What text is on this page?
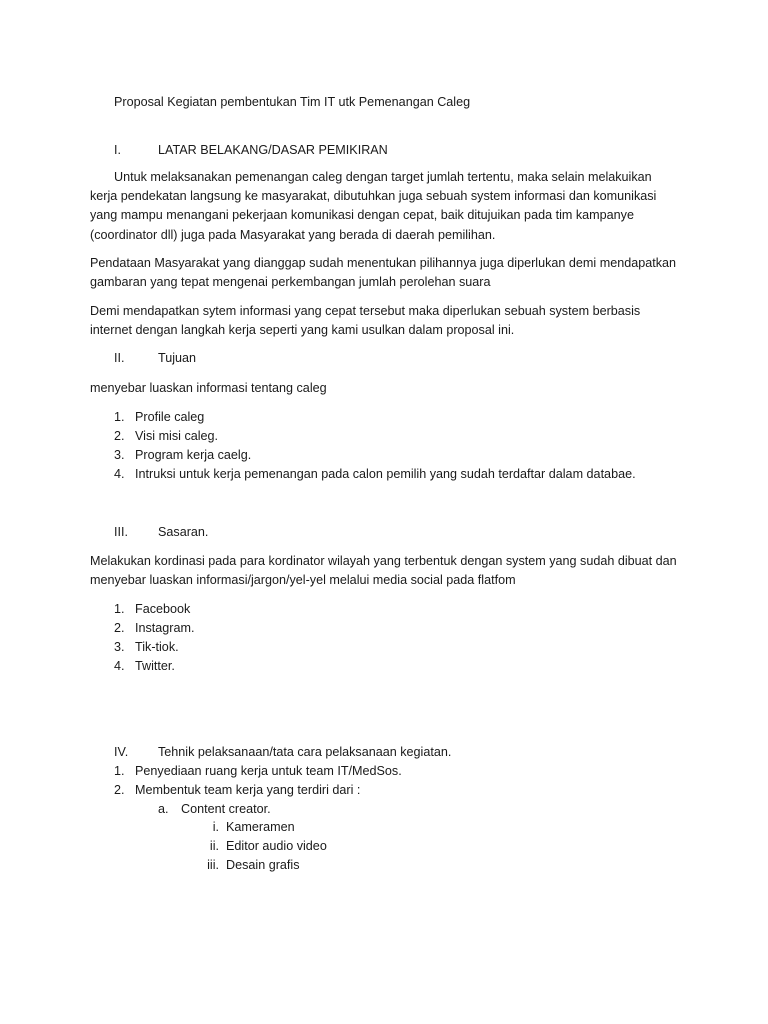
Proposal Kegiatan pembentukan Tim IT utk Pemenangan Caleg
I.	LATAR BELAKANG/DASAR PEMIKIRAN
Untuk melaksanakan pemenangan caleg dengan target jumlah tertentu, maka selain melakuikan
kerja pendekatan langsung ke masyarakat, dibutuhkan juga sebuah system informasi dan komunikasi
yang mampu menangani pekerjaan komunikasi dengan cepat, baik ditujuikan pada tim kampanye
(coordinator dll) juga pada Masyarakat yang berada di daerah pemilihan.
Pendataan Masyarakat yang dianggap sudah menentukan pilihannya juga diperlukan demi mendapatkan
gambaran yang tepat mengenai perkembangan jumlah perolehan suara
Demi mendapatkan sytem informasi yang cepat tersebut maka diperlukan sebuah system berbasis
internet dengan langkah kerja seperti yang kami usulkan dalam proposal ini.
II.	Tujuan
menyebar luaskan informasi tentang caleg
1. Profile caleg
2. Visi misi caleg.
3. Program kerja caelg.
4. Intruksi untuk kerja pemenangan pada calon pemilih yang sudah terdaftar dalam databae.
III. Sasaran.
Melakukan kordinasi pada para kordinator wilayah yang terbentuk dengan system yang sudah dibuat dan
menyebar luaskan informasi/jargon/yel-yel melalui media social pada flatfom
1. Facebook
2. Instagram.
3. Tik-tiok.
4. Twitter.
IV. Tehnik pelaksanaan/tata cara pelaksanaan kegiatan.
1. Penyediaan ruang kerja untuk team IT/MedSos.
2. Membentuk team kerja yang terdiri dari :
a. Content creator.
i. Kameramen
ii. Editor audio video
iii. Desain grafis
